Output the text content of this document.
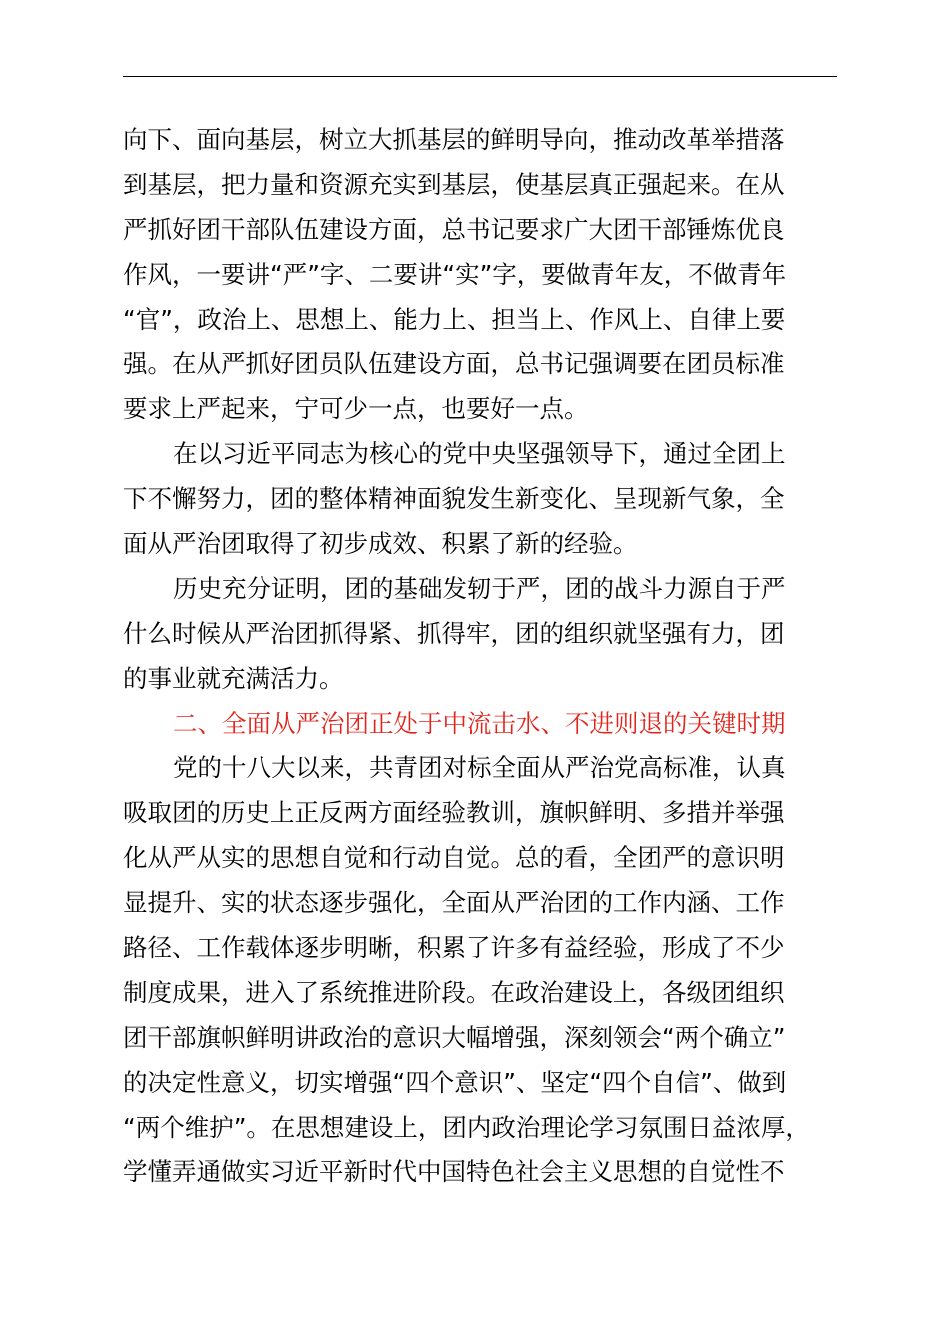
向下、面向基层，树立大抓基层的鲜明导向，推动改革举措落
到基层，把力量和资源充实到基层，使基层真正强起来。在从
严抓好团干部队伍建设方面，总书记要求广大团干部锤炼优良
作风，一要讲“严”字、二要讲“实”字，要做青年友，不做青年
“官”，政治上、思想上、能力上、担当上、作风上、自律上要
强。在从严抓好团员队伍建设方面，总书记强调要在团员标准
要求上严起来，宁可少一点，也要好一点。
在以习近平同志为核心的党中央坚强领导下，通过全团上
下不懈努力，团的整体精神面貌发生新变化、呈现新气象，全
面从严治团取得了初步成效、积累了新的经验。
历史充分证明，团的基础发轫于严，团的战斗力源自于严
什么时候从严治团抓得紧、抓得牢，团的组织就坚强有力，团
的事业就充满活力。
二、全面从严治团正处于中流击水、不进则退的关键时期
党的十八大以来，共青团对标全面从严治党高标准，认真
吸取团的历史上正反两方面经验教训，旗帜鲜明、多措并举强
化从严从实的思想自觉和行动自觉。总的看，全团严的意识明
显提升、实的状态逐步强化，全面从严治团的工作内涵、工作
路径、工作载体逐步明晰，积累了许多有益经验，形成了不少
制度成果，进入了系统推进阶段。在政治建设上，各级团组织
团干部旗帜鲜明讲政治的意识大幅增强，深刻领会“两个确立”
的决定性意义，切实增强“四个意识”、坚定“四个自信”、做到
“两个维护”。在思想建设上，团内政治理论学习氛围日益浓厚，
学懂弄通做实习近平新时代中国特色社会主义思想的自觉性不
